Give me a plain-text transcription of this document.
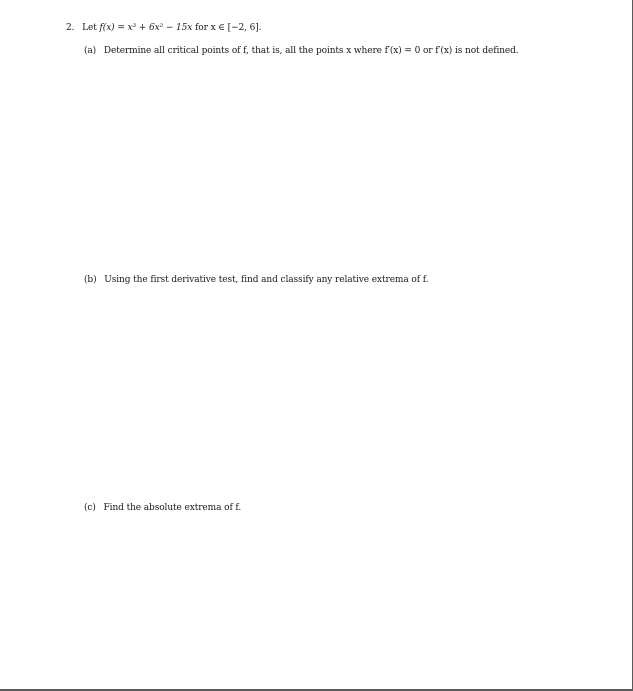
2. Let f(x) = x³ + 6x² − 15x for x ∈ [−2, 6].
(a) Determine all critical points of f, that is, all the points x where f′(x) = 0 or f′(x) is not defined.
(b) Using the first derivative test, find and classify any relative extrema of f.
(c) Find the absolute extrema of f.
